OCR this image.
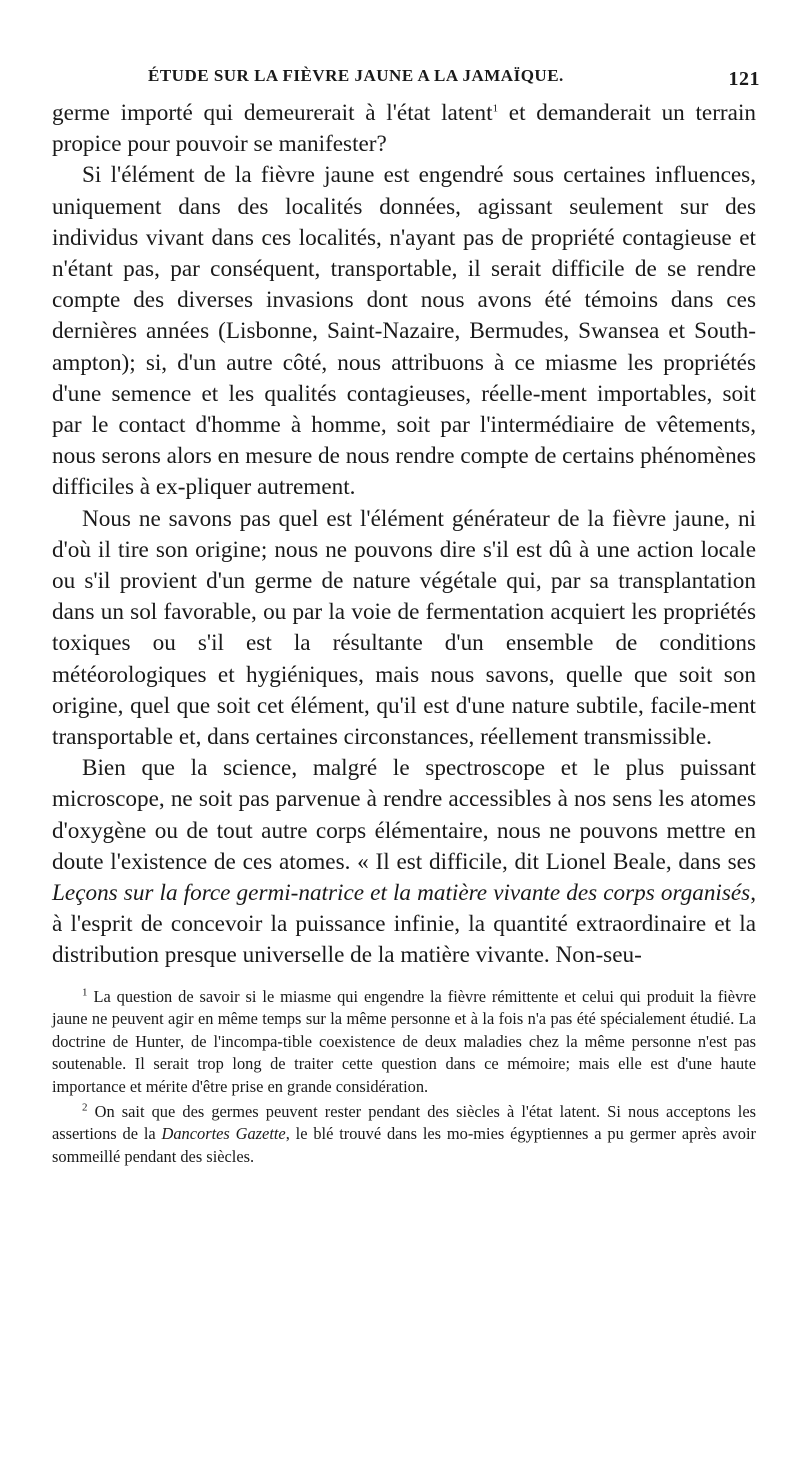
ÉTUDE SUR LA FIÈVRE JAUNE A LA JAMAÏQUE.	121

germe importé qui demeurerait à l'état latent$^1$ et demanderait un terrain propice pour pouvoir se manifester?

Si l'élément de la fièvre jaune est engendré sous certaines influences, uniquement dans des localités données, agissant seulement sur des individus vivant dans ces localités, n'ayant pas de propriété contagieuse et n'étant pas, par conséquent, transportable, il serait difficile de se rendre compte des diverses invasions dont nous avons été témoins dans ces dernières années (Lisbonne, Saint-Nazaire, Bermudes, Swansea et South-ampton); si, d'un autre côté, nous attribuons à ce miasme les propriétés d'une semence et les qualités contagieuses, réelle-ment importables, soit par le contact d'homme à homme, soit par l'intermédiaire de vêtements, nous serons alors en mesure de nous rendre compte de certains phénomènes difficiles à ex-pliquer autrement.

Nous ne savons pas quel est l'élément générateur de la fièvre jaune, ni d'où il tire son origine; nous ne pouvons dire s'il est dû à une action locale ou s'il provient d'un germe de nature végétale qui, par sa transplantation dans un sol favorable, ou par la voie de fermentation acquiert les propriétés toxiques ou s'il est la résultante d'un ensemble de conditions météorologiques et hygiéniques, mais nous savons, quelle que soit son origine, quel que soit cet élément, qu'il est d'une nature subtile, facile-ment transportable et, dans certaines circonstances, réellement transmissible.

Bien que la science, malgré le spectroscope et le plus puissant microscope, ne soit pas parvenue à rendre accessibles à nos sens les atomes d'oxygène ou de tout autre corps élémentaire, nous ne pouvons mettre en doute l'existence de ces atomes. « Il est difficile, dit Lionel Beale, dans ses Leçons sur la force germi-natrice et la matière vivante des corps organisés, à l'esprit de concevoir la puissance infinie, la quantité extraordinaire et la distribution presque universelle de la matière vivante. Non-seu-

$^1$ La question de savoir si le miasme qui engendre la fièvre rémittente et celui qui produit la fièvre jaune ne peuvent agir en même temps sur la même personne et à la fois n'a pas été spécialement étudié. La doctrine de Hunter, de l'incompa-tible coexistence de deux maladies chez la même personne n'est pas soutenable. Il serait trop long de traiter cette question dans ce mémoire; mais elle est d'une haute importance et mérite d'être prise en grande considération.

$^2$ On sait que des germes peuvent rester pendant des siècles à l'état latent. Si nous acceptons les assertions de la Dancortes Gazette, le blé trouvé dans les mo-mies égyptiennes a pu germer après avoir sommeillé pendant des siècles.
